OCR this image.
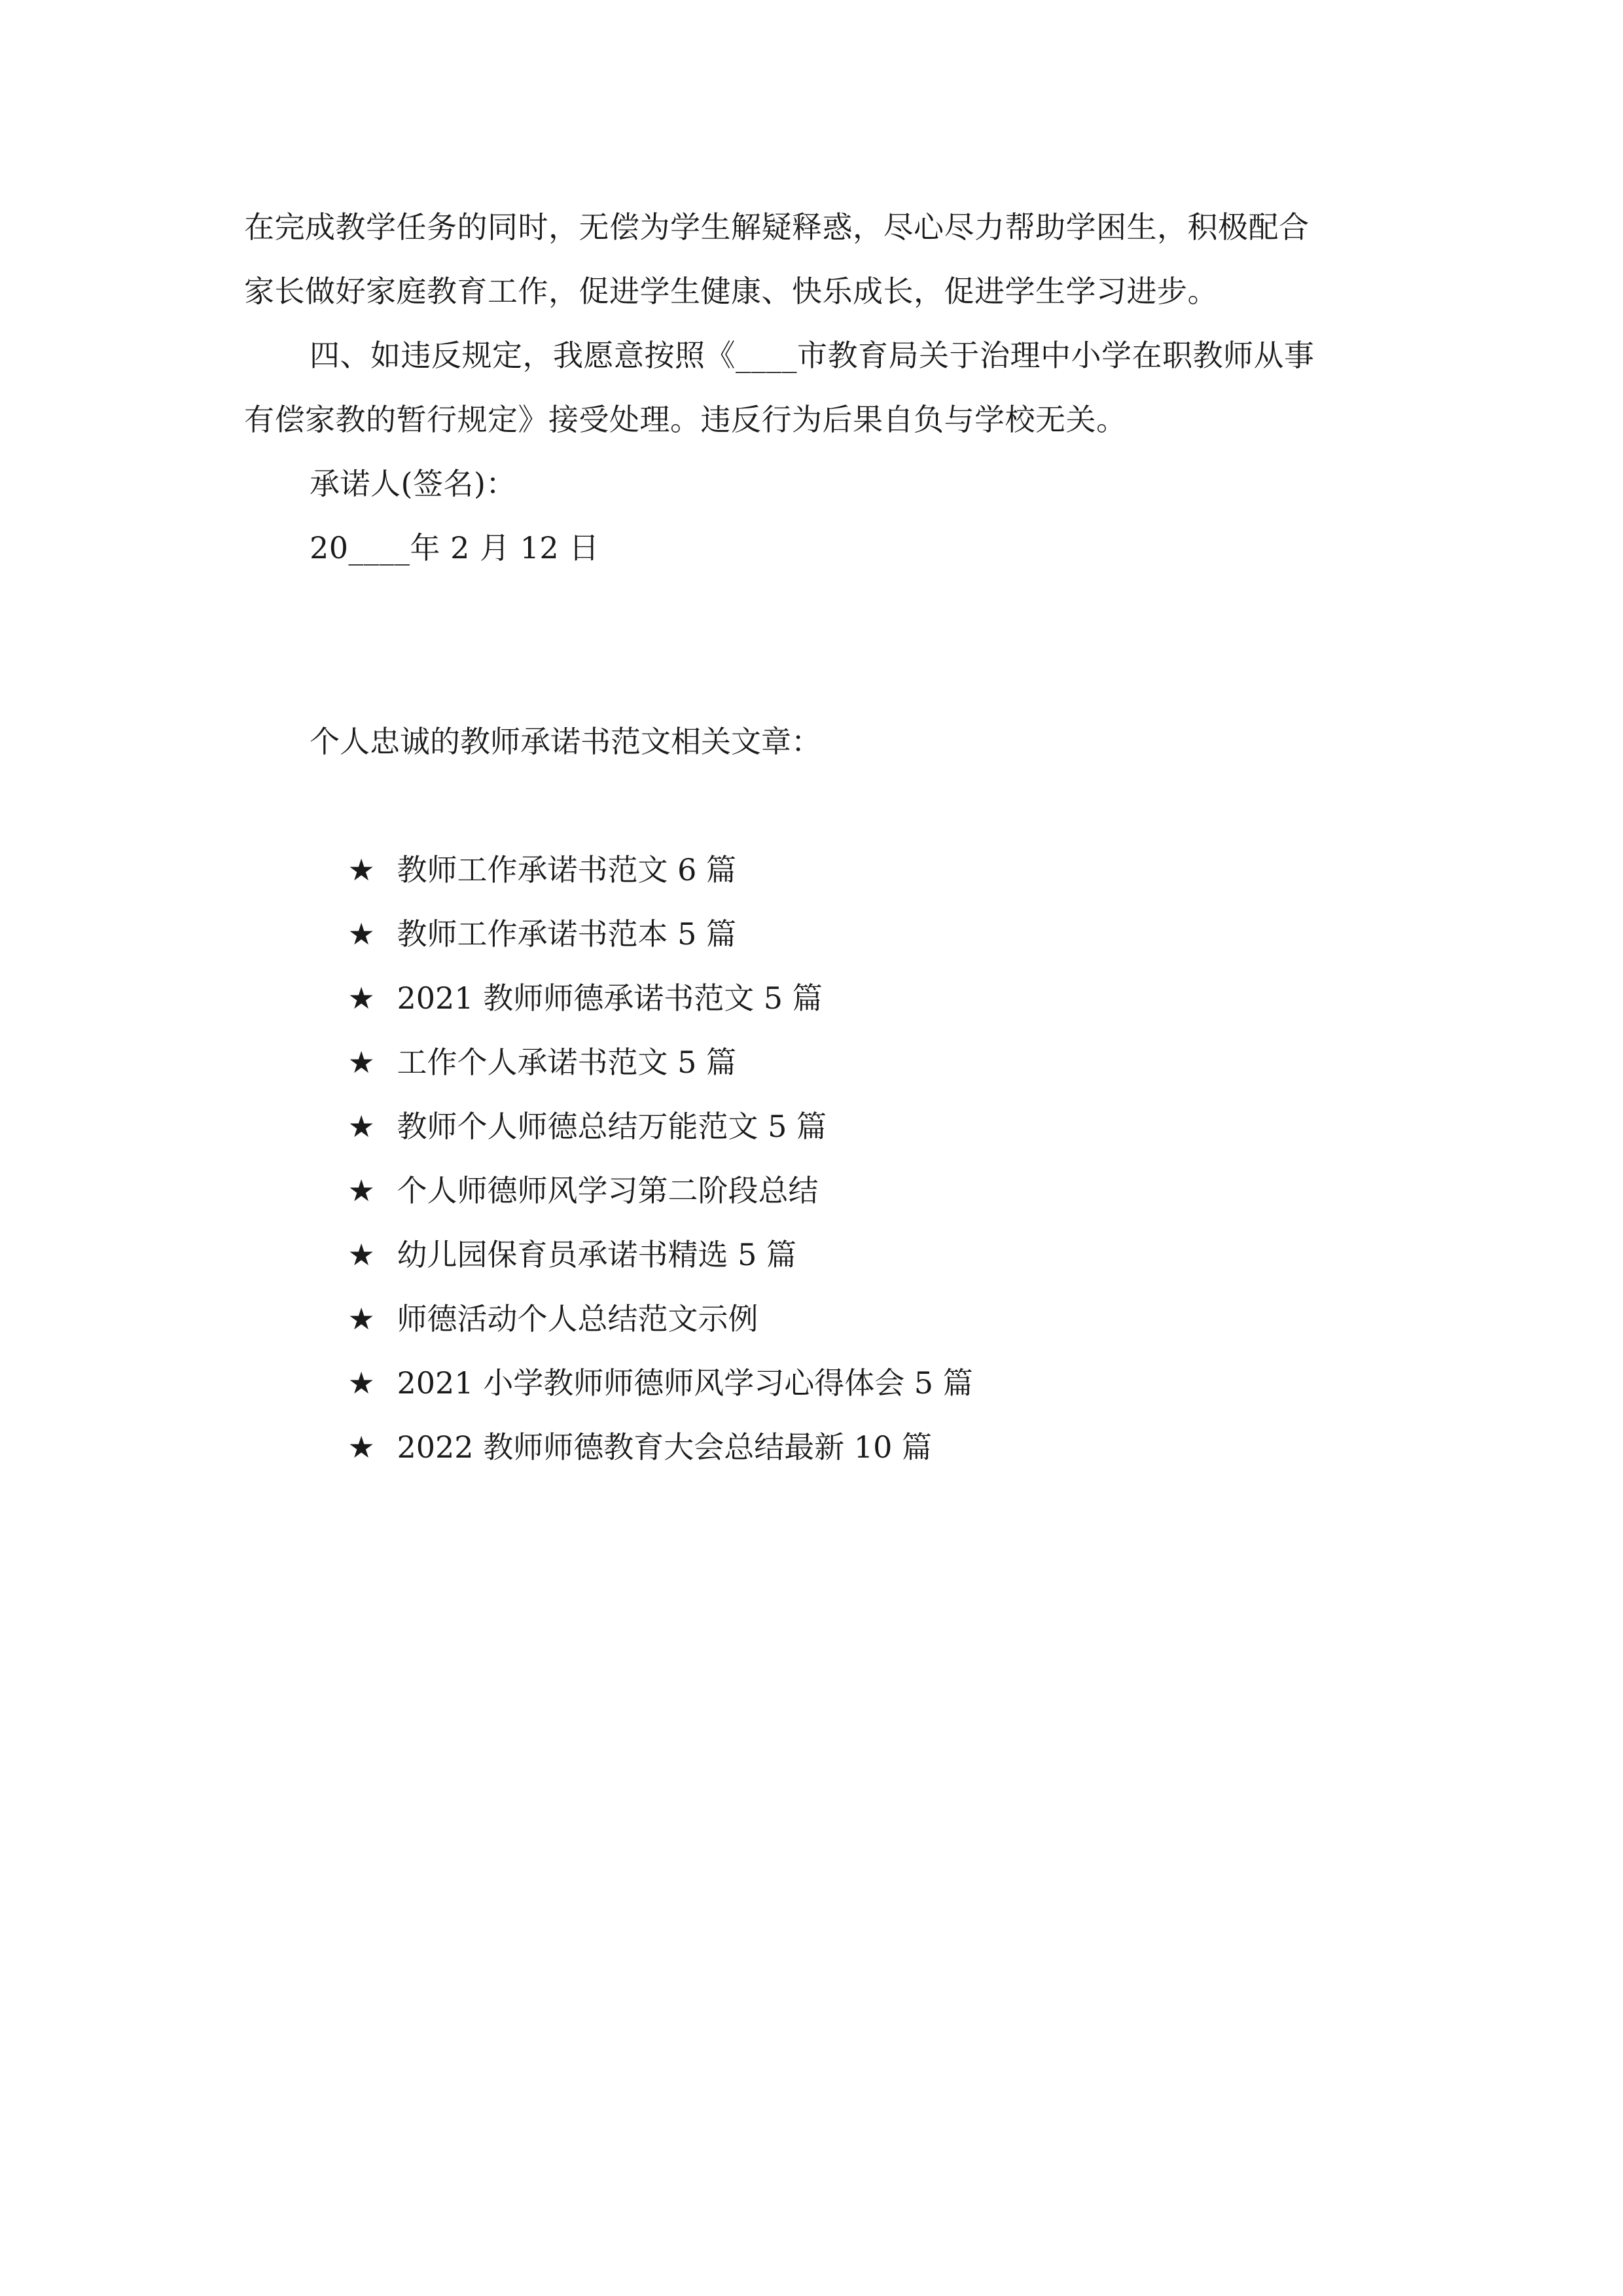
在完成教学任务的同时，无偿为学生解疑释惑，尽心尽力帮助学困生，积极配合
家长做好家庭教育工作，促进学生健康、快乐成长，促进学生学习进步。
四、如违反规定，我愿意按照《____市教育局关于治理中小学在职教师从事
有偿家教的暂行规定》接受处理。违反行为后果自负与学校无关。
承诺人(签名)：
20____年 2 月 12 日
个人忠诚的教师承诺书范文相关文章：

★ 教师工作承诺书范文 6 篇

★ 教师工作承诺书范本 5 篇

★ 2021 教师师德承诺书范文 5 篇

★ 工作个人承诺书范文 5 篇

★ 教师个人师德总结万能范文 5 篇

★ 个人师德师风学习第二阶段总结

★ 幼儿园保育员承诺书精选 5 篇

★ 师德活动个人总结范文示例

★ 2021 小学教师师德师风学习心得体会 5 篇

★ 2022 教师师德教育大会总结最新 10 篇
